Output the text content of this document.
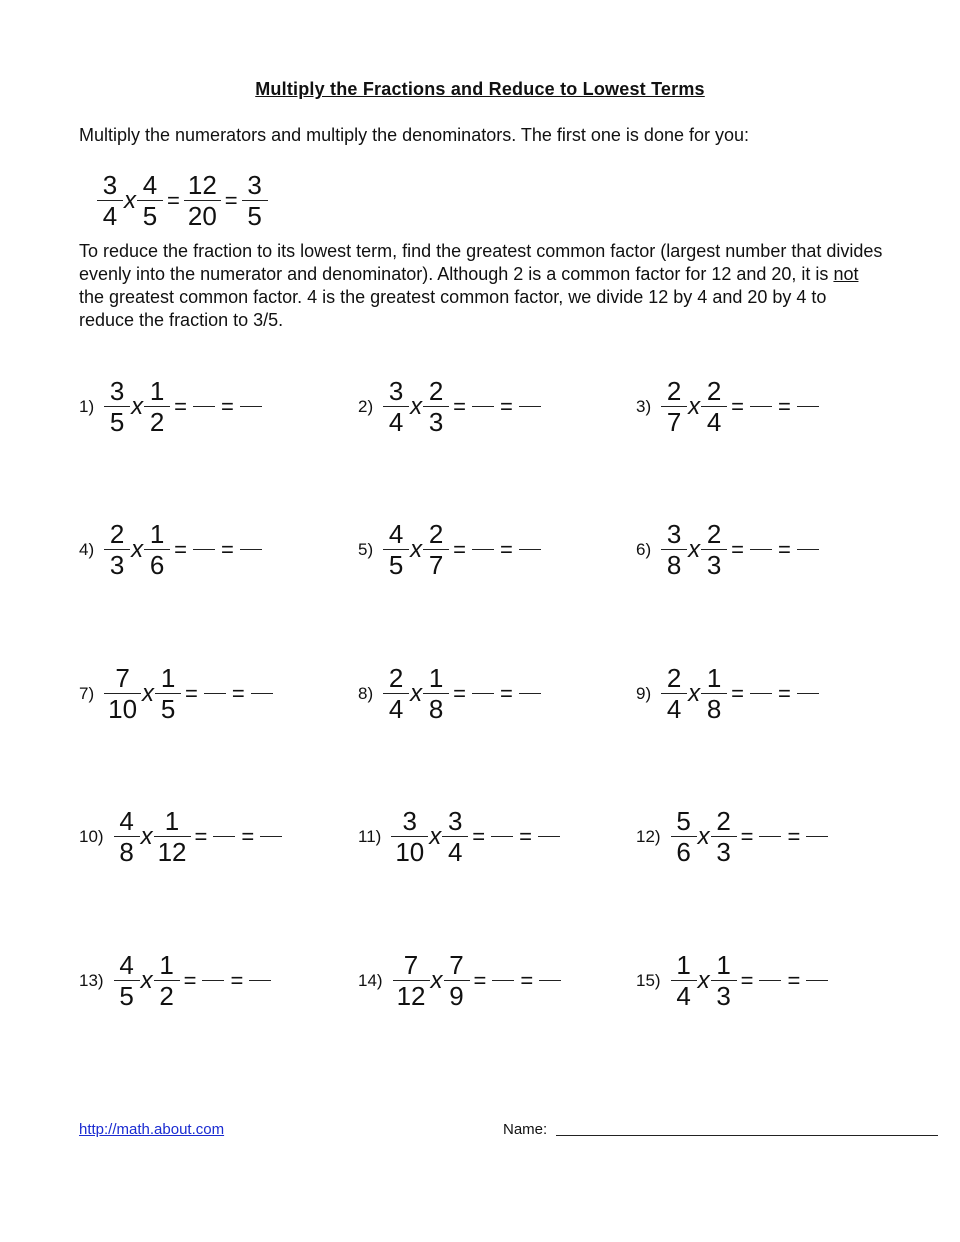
Multiply the Fractions and Reduce to Lowest Terms
Multiply the numerators and multiply the denominators. The first one is done for you:
$\frac{3}{4}$ x $\frac{4}{5} = \frac{12}{20} = \frac{3}{5}$
To reduce the fraction to its lowest term, find the greatest common factor (largest number that divides evenly into the numerator and denominator). Although 2 is a common factor for 12 and 20, it is not the greatest common factor. 4 is the greatest common factor, we divide 12 by 4 and 20 by 4 to reduce the fraction to 3/5.
$1) \frac{3}{5}$ x $\frac{1}{2}$ = =	$2) \frac{3}{4}$ x $\frac{2}{3}$ = =	$3) \frac{2}{7}$ x $\frac{2}{4}$ = =
$4) \frac{2}{3}$ x $\frac{1}{6}$ = =	$5) \frac{4}{5}$ x $\frac{2}{7}$ = =	$6) \frac{3}{8}$ x $\frac{2}{3}$ = =
$7) \frac{7}{10}$ x $\frac{1}{5}$ = =	$8) \frac{2}{4}$ x $\frac{1}{8}$ = =	$9) \frac{2}{4}$ x $\frac{1}{8}$ = =
$10) \frac{4}{8}$ x $\frac{1}{12}$ = =	$11) \frac{3}{10}$ x $\frac{3}{4}$ = =	$12) \frac{5}{6}$ x $\frac{2}{3}$ = =
$13) \frac{4}{5}$ x $\frac{1}{2}$ = =	$14) \frac{7}{12}$ x $\frac{7}{9}$ = =	$15) \frac{1}{4}$ x $\frac{1}{3}$ = =
http://math.about.com	Name:
